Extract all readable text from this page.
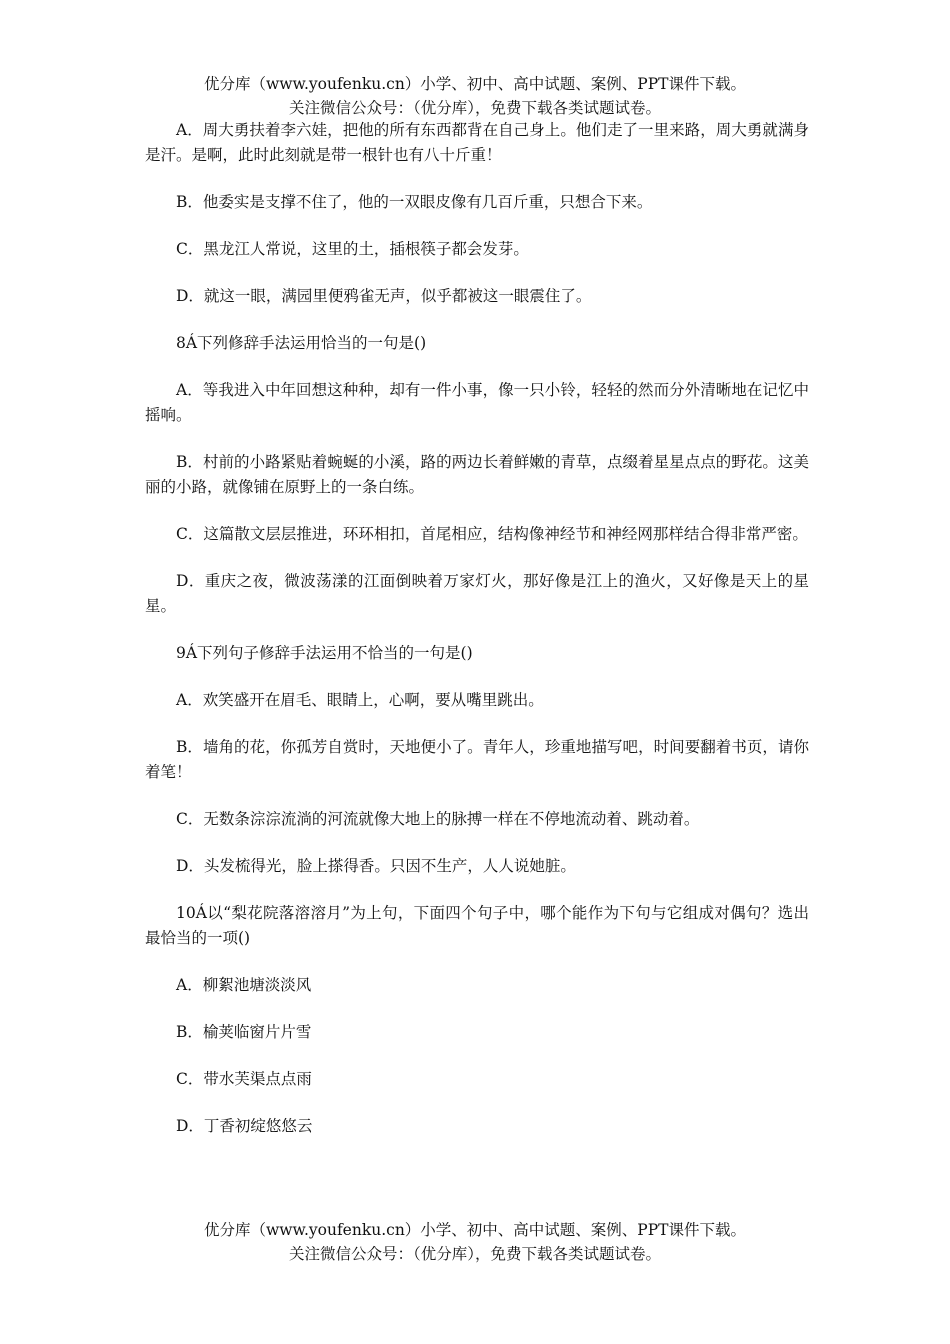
优分库（www.youfenku.cn）小学、初中、高中试题、案例、PPT课件下载。
关注微信公众号：（优分库），免费下载各类试题试卷。

A．周大勇扶着李六娃，把他的所有东西都背在自己身上。他们走了一里来路，周大勇就满身是汗。是啊，此时此刻就是带一根针也有八十斤重！

B．他委实是支撑不住了，他的一双眼皮像有几百斤重，只想合下来。

C．黑龙江人常说，这里的土，插根筷子都会发芽。

D．就这一眼，满园里便鸦雀无声，似乎都被这一眼震住了。

8Á下列修辞手法运用恰当的一句是()

A．等我进入中年回想这种种，却有一件小事，像一只小铃，轻轻的然而分外清晰地在记忆中摇响。

B．村前的小路紧贴着蜿蜒的小溪，路的两边长着鲜嫩的青草，点缀着星星点点的野花。这美丽的小路，就像铺在原野上的一条白练。

C．这篇散文层层推进，环环相扣，首尾相应，结构像神经节和神经网那样结合得非常严密。

D．重庆之夜，微波荡漾的江面倒映着万家灯火，那好像是江上的渔火，又好像是天上的星星。

9Á下列句子修辞手法运用不恰当的一句是()

A．欢笑盛开在眉毛、眼睛上，心啊，要从嘴里跳出。

B．墙角的花，你孤芳自赏时，天地便小了。青年人，珍重地描写吧，时间要翻着书页，请你着笔！

C．无数条淙淙流淌的河流就像大地上的脉搏一样在不停地流动着、跳动着。

D．头发梳得光，脸上搽得香。只因不生产，人人说她脏。

10Á以“梨花院落溶溶月”为上句，下面四个句子中，哪个能作为下句与它组成对偶句？选出最恰当的一项()

A．柳絮池塘淡淡风

B．榆荚临窗片片雪

C．带水芙渠点点雨

D．丁香初绽悠悠云

优分库（www.youfenku.cn）小学、初中、高中试题、案例、PPT课件下载。
关注微信公众号：（优分库），免费下载各类试题试卷。
